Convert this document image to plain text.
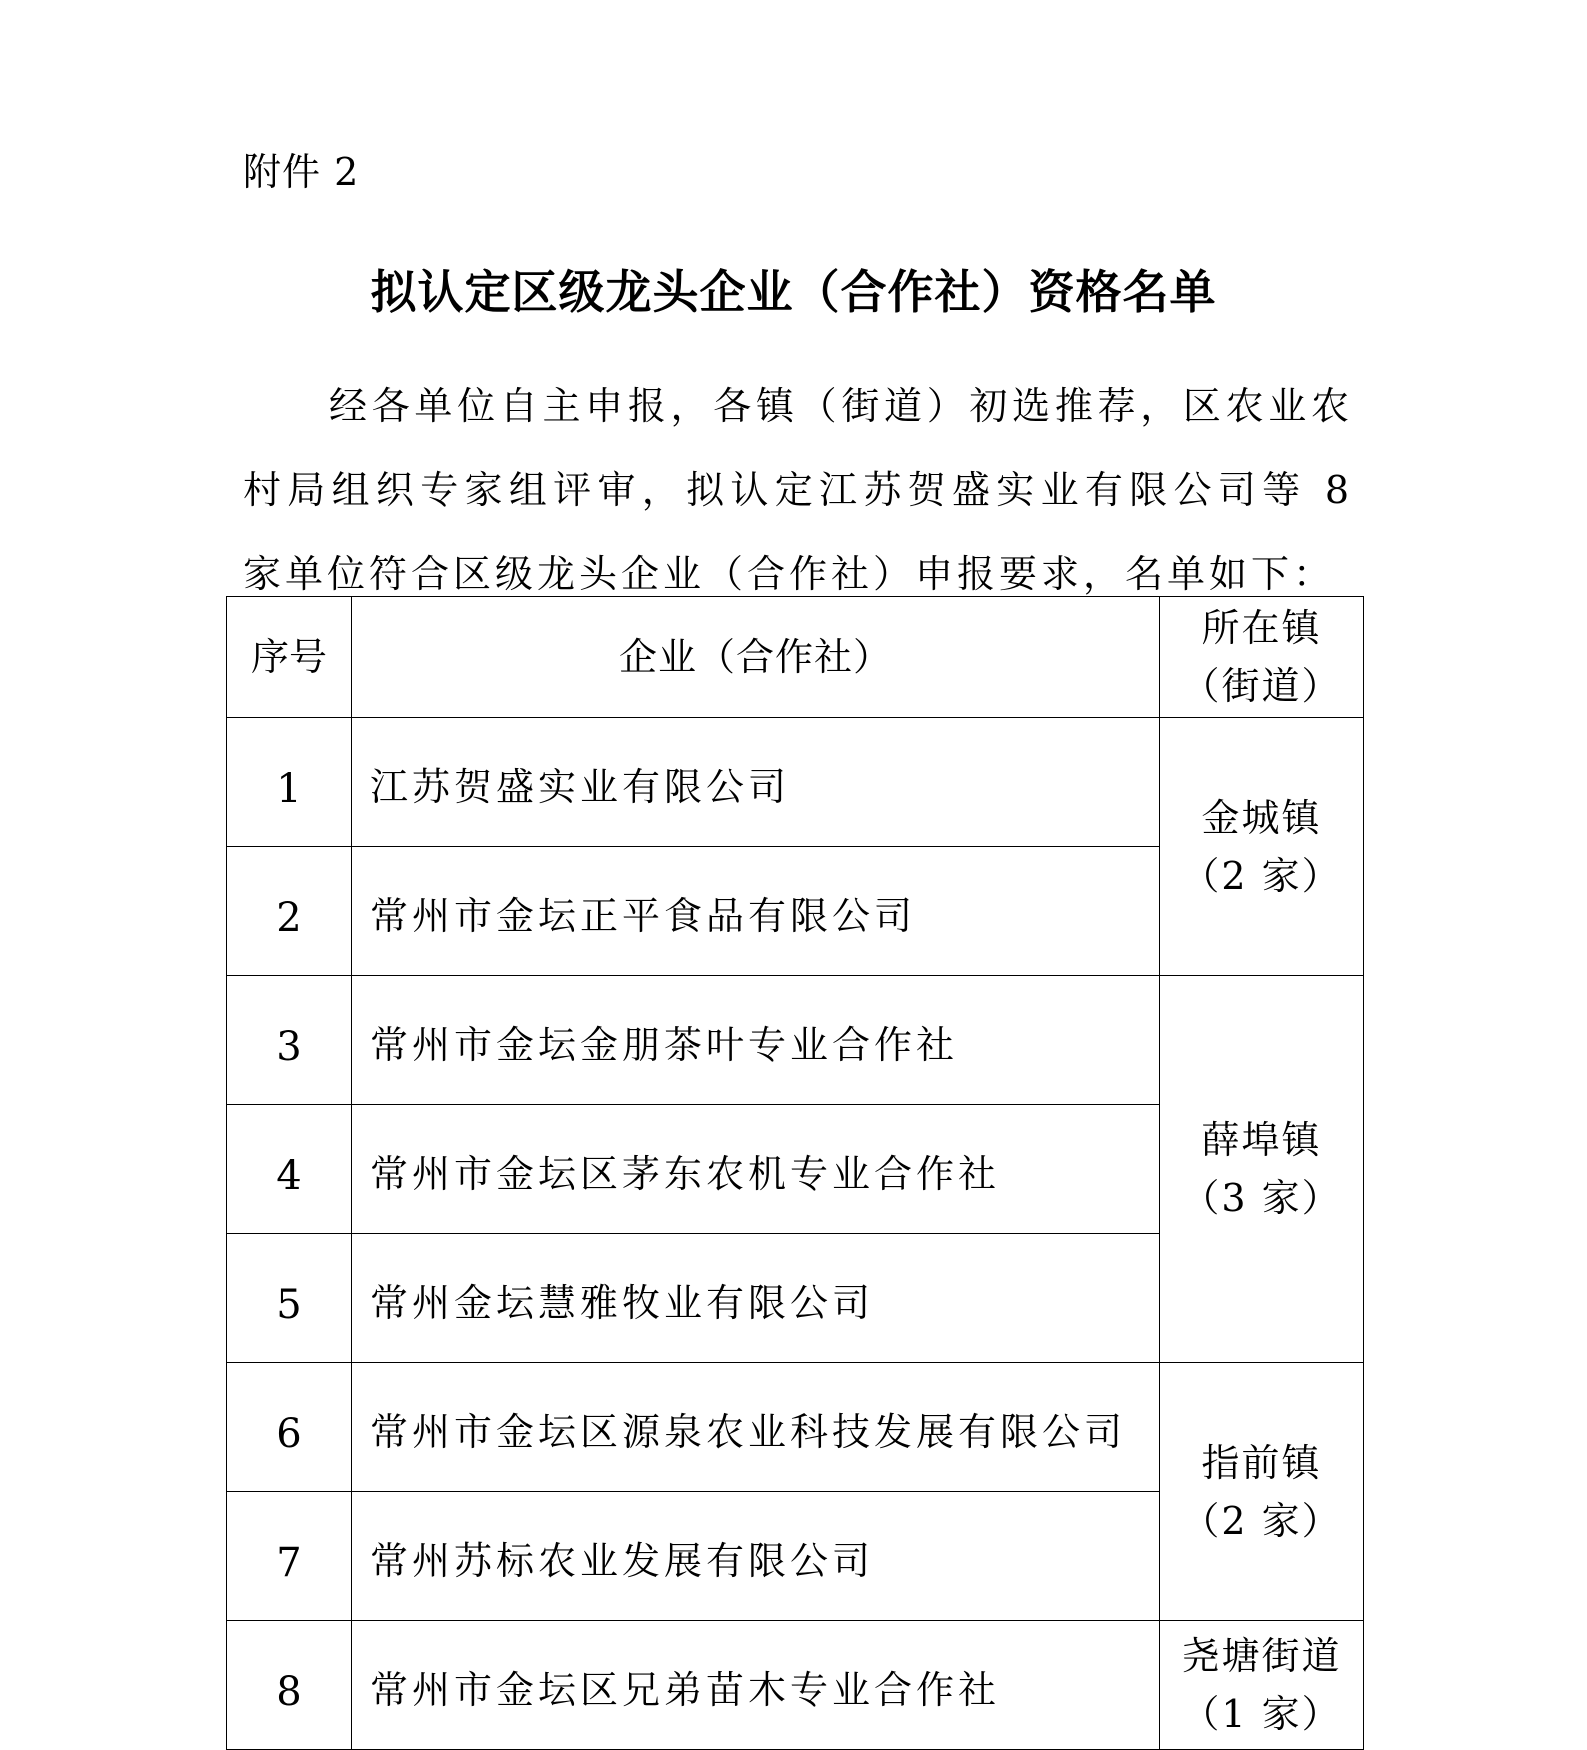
附件 2
拟认定区级龙头企业（合作社）资格名单
经各单位自主申报，各镇（街道）初选推荐，区农业农村局组织专家组评审，拟认定江苏贺盛实业有限公司等 8 家单位符合区级龙头企业（合作社）申报要求，名单如下：
序号	企业（合作社）	所在镇
（街道）
1	江苏贺盛实业有限公司	金城镇
（2 家）
2	常州市金坛正平食品有限公司	
3	常州市金坛金朋茶叶专业合作社	薛埠镇
（3 家）
4	常州市金坛区茅东农机专业合作社	
5	常州金坛慧雅牧业有限公司	
6	常州市金坛区源泉农业科技发展有限公司	指前镇
（2 家）
7	常州苏标农业发展有限公司	
8	常州市金坛区兄弟苗木专业合作社	尧塘街道
（1 家）
